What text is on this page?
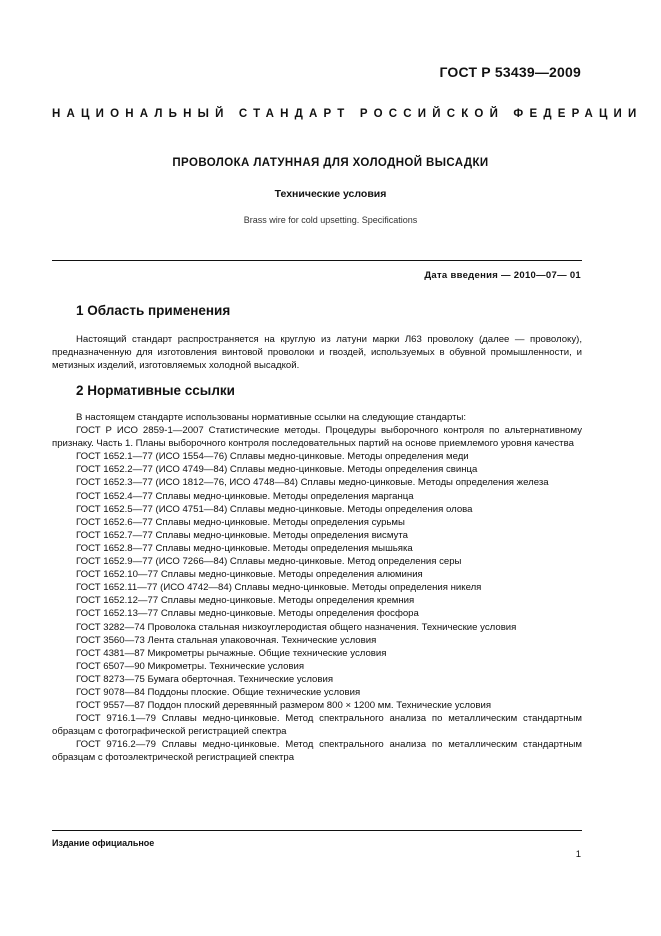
ГОСТ Р 53439—2009
НАЦИОНАЛЬНЫЙ СТАНДАРТ РОССИЙСКОЙ ФЕДЕРАЦИИ
ПРОВОЛОКА ЛАТУННАЯ ДЛЯ ХОЛОДНОЙ ВЫСАДКИ
Технические условия
Brass wire for cold upsetting. Specifications
Дата введения — 2010—07— 01
1 Область применения

Настоящий стандарт распространяется на круглую из латуни марки Л63 проволоку (далее — проволоку), предназначенную для изготовления винтовой проволоки и гвоздей, используемых в обувной промышленности, и метизных изделий, изготовляемых холодной высадкой.

2 Нормативные ссылки

В настоящем стандарте использованы нормативные ссылки на следующие стандарты:

ГОСТ Р ИСО 2859-1—2007 Статистические методы. Процедуры выборочного контроля по альтернативному признаку. Часть 1. Планы выборочного контроля последовательных партий на основе приемлемого уровня качества

ГОСТ 1652.1—77 (ИСО 1554—76) Сплавы медно-цинковые. Методы определения меди

ГОСТ 1652.2—77 (ИСО 4749—84) Сплавы медно-цинковые. Методы определения свинца

ГОСТ 1652.3—77 (ИСО 1812—76, ИСО 4748—84) Сплавы медно-цинковые. Методы определения железа

ГОСТ 1652.4—77 Сплавы медно-цинковые. Методы определения марганца

ГОСТ 1652.5—77 (ИСО 4751—84) Сплавы медно-цинковые. Методы определения олова

ГОСТ 1652.6—77 Сплавы медно-цинковые. Методы определения сурьмы

ГОСТ 1652.7—77 Сплавы медно-цинковые. Методы определения висмута

ГОСТ 1652.8—77 Сплавы медно-цинковые. Методы определения мышьяка

ГОСТ 1652.9—77 (ИСО 7266—84) Сплавы медно-цинковые. Метод определения серы

ГОСТ 1652.10—77 Сплавы медно-цинковые. Методы определения алюминия

ГОСТ 1652.11—77 (ИСО 4742—84) Сплавы медно-цинковые. Методы определения никеля

ГОСТ 1652.12—77 Сплавы медно-цинковые. Методы определения кремния

ГОСТ 1652.13—77 Сплавы медно-цинковые. Методы определения фосфора

ГОСТ 3282—74 Проволока стальная низкоуглеродистая общего назначения. Технические условия

ГОСТ 3560—73 Лента стальная упаковочная. Технические условия

ГОСТ 4381—87 Микрометры рычажные. Общие технические условия

ГОСТ 6507—90 Микрометры. Технические условия

ГОСТ 8273—75 Бумага оберточная. Технические условия

ГОСТ 9078—84 Поддоны плоские. Общие технические условия

ГОСТ 9557—87 Поддон плоский деревянный размером 800 × 1200 мм. Технические условия

ГОСТ 9716.1—79 Сплавы медно-цинковые. Метод спектрального анализа по металлическим стандартным образцам с фотографической регистрацией спектра

ГОСТ 9716.2—79 Сплавы медно-цинковые. Метод спектрального анализа по металлическим стандартным образцам с фотоэлектрической регистрацией спектра

Издание официальное
1
